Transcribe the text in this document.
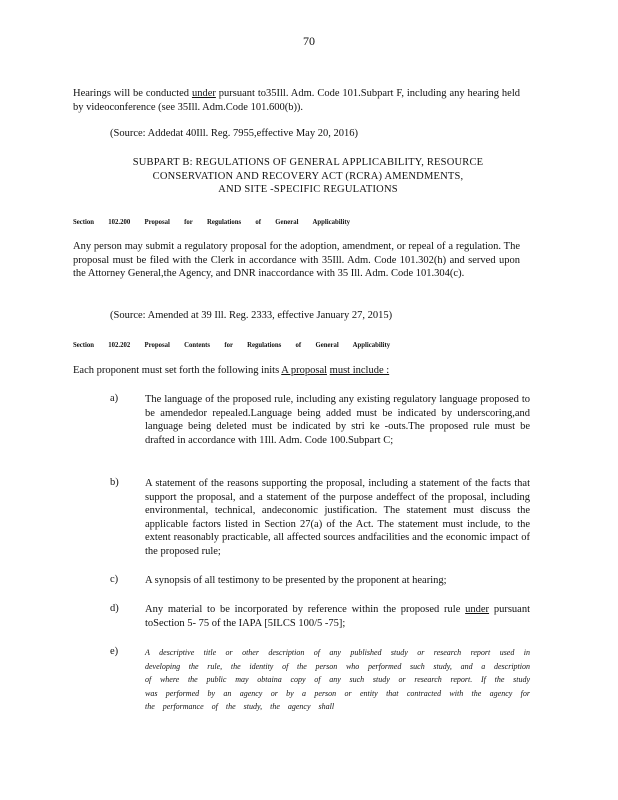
70

Hearings will be conducted under pursuant to35Ill. Adm. Code 101.Subpart F, including any hearing held by videoconference (see 35Ill. Adm.Code 101.600(b)).

(Source: Addedat 40Ill. Reg. 7955,effective May 20, 2016)

SUBPART B: REGULATIONS OF GENERAL APPLICABILITY, RESOURCE
CONSERVATION AND RECOVERY ACT (RCRA) AMENDMENTS,
AND SITE -SPECIFIC REGULATIONS
Section 102.200 Proposal for Regulations of General Applicability

Any person may submit a regulatory proposal for the adoption, amendment, or repeal of a regulation. The proposal must be filed with the Clerk in accordance with 35Ill. Adm. Code 101.302(h) and served upon the Attorney General,the Agency, and DNR inaccordance with 35 Ill. Adm. Code 101.304(c).

(Source: Amended at 39 Ill. Reg. 2333, effective January 27, 2015)

Section 102.202 Proposal Contents for Regulations of General Applicability

Each proponent must set forth the following inits A proposal must include :

a)	The language of the proposed rule, including any existing regulatory language proposed to be amendedor repealed.Language being added must be indicated by underscoring,and language being deleted must be indicated by stri ke -outs.The proposed rule must be drafted in accordance with 1Ill. Adm. Code 100.Subpart C;

b)	A statement of the reasons supporting the proposal, including a statement of the facts that support the proposal, and a statement of the purpose andeffect of the proposal, including environmental, technical, andeconomic justification. The statement must discuss the applicable factors listed in Section 27(a) of the Act. The statement must include, to the extent reasonably practicable, all affected sources andfacilities and the economic impact of the proposed rule;

c)	A synopsis of all testimony to be presented by the proponent at hearing;

d)	Any material to be incorporated by reference within the proposed rule under pursuant toSection 5- 75 of the IAPA [5ILCS 100/5 -75];

e)	A descriptive title or other description of any published study or research report used in developing the rule, the identity of the person who performed such study, and a description of where the public may obtaina copy of any such study or research report. If the study was performed by an agency or by a person or entity that contracted with the agency for the performance of the study, the agency shall
